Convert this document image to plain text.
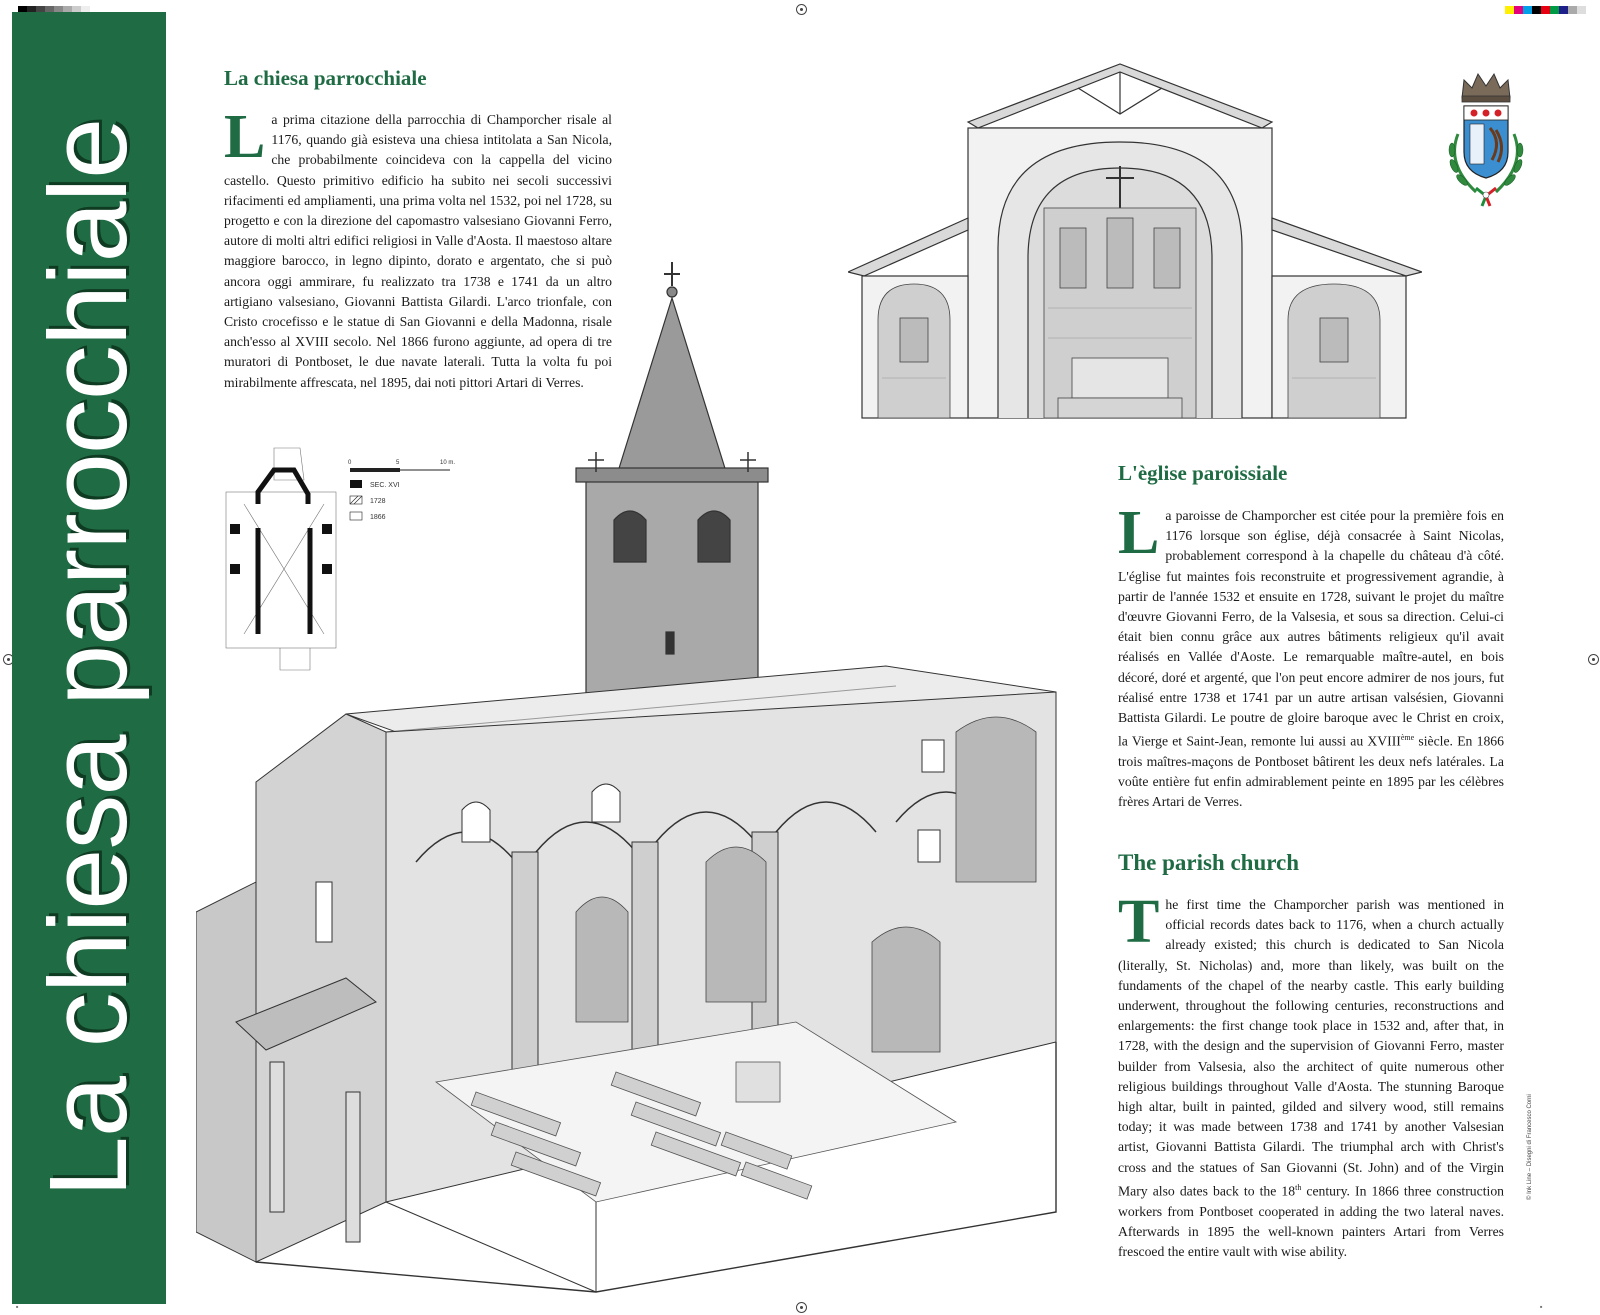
La chiesa parrocchiale
La chiesa parrocchiale

La prima citazione della parrocchia di Champorcher risale al 1176, quando già esisteva una chiesa intitolata a San Nicola, che probabilmente coincideva con la cappella del vicino castello. Questo primitivo edificio ha subito nei secoli successivi rifacimenti ed ampliamenti, una prima volta nel 1532, poi nel 1728, su progetto e con la direzione del capomastro valsesiano Giovanni Ferro, autore di molti altri edifici religiosi in Valle d'Aosta. Il maestoso altare maggiore barocco, in legno dipinto, dorato e argentato, che si può ancora oggi ammirare, fu realizzato tra 1738 e 1741 da un altro artigiano valsesiano, Giovanni Battista Gilardi. L'arco trionfale, con Cristo crocefisso e le statue di San Giovanni e della Madonna, risale anch'esso al XVIII secolo. Nel 1866 furono aggiunte, ad opera di tre muratori di Pontboset, le due navate laterali. Tutta la volta fu poi mirabilmente affrescata, nel 1895, dai noti pittori Artari di Verres.

L'èglise paroissiale

La paroisse de Champorcher est citée pour la première fois en 1176 lorsque son église, déjà consacrée à Saint Nicolas, probablement correspond à la chapelle du château d'à côté. L'église fut maintes fois reconstruite et progressivement agrandie, à partir de l'année 1532 et ensuite en 1728, suivant le projet du maître d'œuvre Giovanni Ferro, de la Valsesia, et sous sa direction. Celui-ci était bien connu grâce aux autres bâtiments religieux qu'il avait réalisés en Vallée d'Aoste. Le remarquable maître-autel, en bois décoré, doré et argenté, que l'on peut encore admirer de nos jours, fut réalisé entre 1738 et 1741 par un autre artisan valsésien, Giovanni Battista Gilardi. Le poutre de gloire baroque avec le Christ en croix, la Vierge et Saint-Jean, remonte lui aussi au XVIIIème siècle. En 1866 trois maîtres-maçons de Pontboset bâtirent les deux nefs latérales. La voûte entière fut enfin admirablement peinte en 1895 par les célèbres frères Artari de Verres.

The parish church

The first time the Champorcher parish was mentioned in official records dates back to 1176, when a church actually already existed; this church is dedicated to San Nicola (literally, St. Nicholas) and, more than likely, was built on the fundaments of the chapel of the nearby castle. This early building underwent, throughout the following centuries, reconstructions and enlargements: the first change took place in 1532 and, after that, in 1728, with the design and the supervision of Giovanni Ferro, master builder from Valsesia, also the architect of quite numerous other religious buildings throughout Valle d'Aosta. The stunning Baroque high altar, built in painted, gilded and silvery wood, still remains today; it was made between 1738 and 1741 by another Valsesian artist, Giovanni Battista Gilardi. The triumphal arch with Christ's cross and the statues of San Giovanni (St. John) and of the Virgin Mary also dates back to the 18th century. In 1866 three construction workers from Pontboset cooperated in adding the two lateral naves. Afterwards in 1895 the well-known painters Artari from Verres frescoed the entire vault with wise ability.

© Ink Line – Disegni di Francesco Corni
0	5	10 m.
SEC. XVI
1728
1866
■	■
